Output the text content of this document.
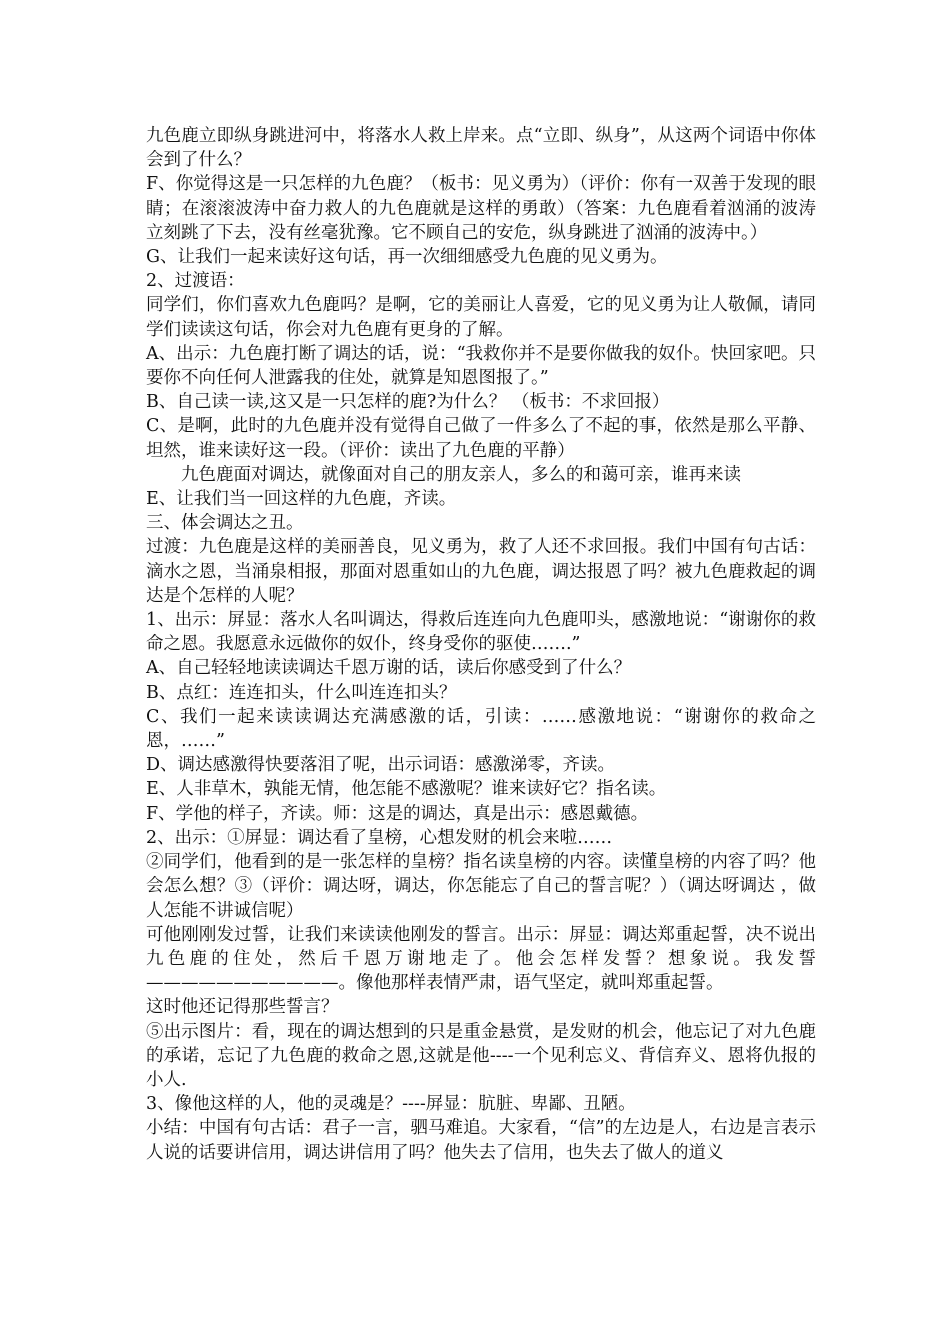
九色鹿立即纵身跳进河中，将落水人救上岸来。点“立即、纵身”，从这两个词语中你体会到了什么？

F、你觉得这是一只怎样的九色鹿？（板书：见义勇为）（评价：你有一双善于发现的眼睛；在滚滚波涛中奋力救人的九色鹿就是这样的勇敢）（答案：九色鹿看着汹涌的波涛立刻跳了下去，没有丝毫犹豫。它不顾自己的安危，纵身跳进了汹涌的波涛中。）

G、让我们一起来读好这句话，再一次细细感受九色鹿的见义勇为。

2、过渡语：

同学们，你们喜欢九色鹿吗？是啊，它的美丽让人喜爱，它的见义勇为让人敬佩，请同学们读读这句话，你会对九色鹿有更身的了解。

A、出示：九色鹿打断了调达的话，说：“我救你并不是要你做我的奴仆。快回家吧。只要你不向任何人泄露我的住处，就算是知恩图报了。”

B、自己读一读,这又是一只怎样的鹿?为什么？ （板书：不求回报）

C、是啊，此时的九色鹿并没有觉得自己做了一件多么了不起的事，依然是那么平静、坦然，谁来读好这一段。（评价：读出了九色鹿的平静）

九色鹿面对调达，就像面对自己的朋友亲人，多么的和蔼可亲，谁再来读

E、让我们当一回这样的九色鹿，齐读。

三、体会调达之丑。

过渡：九色鹿是这样的美丽善良，见义勇为，救了人还不求回报。我们中国有句古话：滴水之恩，当涌泉相报，那面对恩重如山的九色鹿，调达报恩了吗？被九色鹿救起的调达是个怎样的人呢？

1、出示：屏显：落水人名叫调达，得救后连连向九色鹿叩头，感激地说：“谢谢你的救命之恩。我愿意永远做你的奴仆，终身受你的驱使…….”

A、自己轻轻地读读调达千恩万谢的话，读后你感受到了什么？

B、点红：连连扣头，什么叫连连扣头？

C、我们一起来读读调达充满感激的话，引读：……感激地说：“谢谢你的救命之恩，……”

D、调达感激得快要落泪了呢，出示词语：感激涕零，齐读。

E、人非草木，孰能无情，他怎能不感激呢？谁来读好它？指名读。

F、学他的样子，齐读。师：这是的调达，真是出示：感恩戴德。

2、出示：①屏显：调达看了皇榜，心想发财的机会来啦……

②同学们，他看到的是一张怎样的皇榜？指名读皇榜的内容。读懂皇榜的内容了吗？他会怎么想？③（评价：调达呀，调达，你怎能忘了自己的誓言呢？）（调达呀调达 ，做人怎能不讲诚信呢）

可他刚刚发过誓，让我们来读读他刚发的誓言。出示：屏显：调达郑重起誓，决不说出九色鹿的住处，然后千恩万谢地走了。他会怎样发誓？想象说。我发誓———————————。像他那样表情严肃，语气坚定，就叫郑重起誓。

这时他还记得那些誓言？

⑤出示图片：看，现在的调达想到的只是重金悬赏，是发财的机会，他忘记了对九色鹿的承诺，忘记了九色鹿的救命之恩,这就是他----一个见利忘义、背信弃义、恩将仇报的小人.

3、像他这样的人，他的灵魂是？----屏显：肮脏、卑鄙、丑陋。

小结：中国有句古话：君子一言，驷马难追。大家看，“信”的左边是人，右边是言表示人说的话要讲信用，调达讲信用了吗？他失去了信用，也失去了做人的道义
